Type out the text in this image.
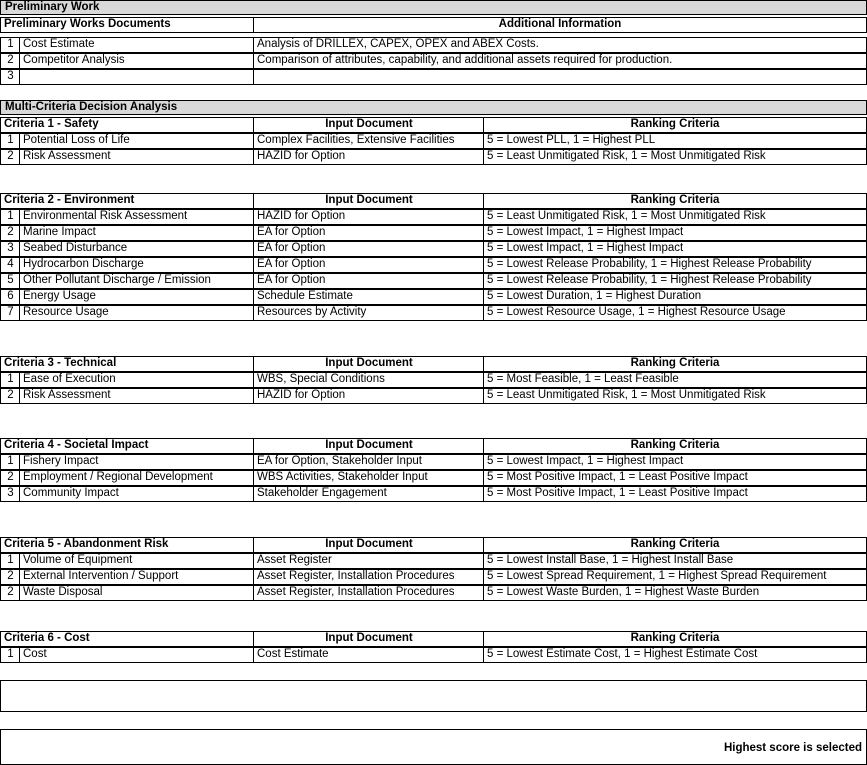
Preliminary Work
Preliminary Works Documents	Additional Information
1 Cost Estimate	Analysis of DRILLEX, CAPEX, OPEX and ABEX Costs.
2 Competitor Analysis	Comparison of attributes, capability, and additional assets required for production.
3
Multi-Criteria Decision Analysis
Criteria 1 - Safety	Input Document	Ranking Criteria
1 Potential Loss of Life	Complex Facilities, Extensive Facilities	5 = Lowest PLL, 1 = Highest PLL
2 Risk Assessment	HAZID for Option	5 = Least Unmitigated Risk, 1 = Most Unmitigated Risk
Criteria 2 - Environment	Input Document	Ranking Criteria
1 Environmental Risk Assessment	HAZID for Option	5 = Least Unmitigated Risk, 1 = Most Unmitigated Risk
2 Marine Impact	EA for Option	5 = Lowest Impact, 1 = Highest Impact
3 Seabed Disturbance	EA for Option	5 = Lowest Impact, 1 = Highest Impact
4 Hydrocarbon Discharge	EA for Option	5 = Lowest Release Probability, 1 = Highest Release Probability
5 Other Pollutant Discharge / Emission	EA for Option	5 = Lowest Release Probability, 1 = Highest Release Probability
6 Energy Usage	Schedule Estimate	5 = Lowest Duration, 1 = Highest Duration
7 Resource Usage	Resources by Activity	5 = Lowest Resource Usage, 1 = Highest Resource Usage
Criteria 3 - Technical	Input Document	Ranking Criteria
1 Ease of Execution	WBS, Special Conditions	5 = Most Feasible, 1 = Least Feasible
2 Risk Assessment	HAZID for Option	5 = Least Unmitigated Risk, 1 = Most Unmitigated Risk
Criteria 4 - Societal Impact	Input Document	Ranking Criteria
1 Fishery Impact	EA for Option, Stakeholder Input	5 = Lowest Impact, 1 = Highest Impact
2 Employment / Regional Development	WBS Activities, Stakeholder Input	5 = Most Positive Impact, 1 = Least Positive Impact
3 Community Impact	Stakeholder Engagement	5 = Most Positive Impact, 1 = Least Positive Impact
Criteria 5 - Abandonment Risk	Input Document	Ranking Criteria
1 Volume of Equipment	Asset Register	5 = Lowest Install Base, 1 = Highest Install Base
2 External Intervention / Support	Asset Register, Installation Procedures	5 = Lowest Spread Requirement, 1 = Highest Spread Requirement
2 Waste Disposal	Asset Register, Installation Procedures	5 = Lowest Waste Burden, 1 = Highest Waste Burden
Criteria 6 - Cost	Input Document	Ranking Criteria
1 Cost	Cost Estimate	5 = Lowest Estimate Cost, 1 = Highest Estimate Cost
Highest score is selected
